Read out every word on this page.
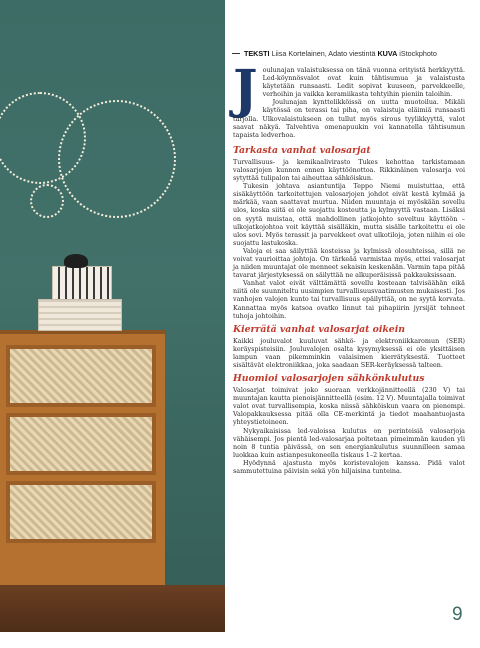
TEKSTI Liisa Kortelainen, Adato viestintä KUVA iStockphoto
J oulunajan valaistuksessa on tänä vuonna erityistä herkkyyttä. Led-köynnösvalot ovat kuin tähtisumua ja valaistusta käytetään runsaasti. Ledit sopivat kuuseen, parvekkeelle, verhoihin ja vaikka keramiikasta tehtyihin pieniin taloihin.

Joulunajan kynttelikköissä on uutta muotoilua. Mikäli käytössä on terassi tai piha, on valaistuja eläimiä runsaasti tarjolla. Ulkovalaistukseen on tullut myös sirous tyylikkyyttä, valot saavat näkyä. Talvehtiva omenapuukin voi kannatella tähtisumun tapaista ledverhoa.

Tarkasta vanhat valosarjat

Turvallisuus- ja kemikaalivirasto Tukes kehottaa tarkistamaan valosarjojen kunnon ennen käyttöönottoa. Rikkinäinen valosarja voi sytyttää tulipalon tai aiheuttaa sähköiskun.

Tukesin johtava asiantuntija Teppo Niemi muistuttaa, että sisäkäyttöön tarkoitettujen valosarjojen johdot eivät kestä kylmää ja märkää, vaan saattavat murtua. Niiden muuntaja ei myöskään sovellu ulos, koska siitä ei ole suojattu kosteutta ja kylmyyttä vastaan. Lisäksi on syytä muistaa, että mahdollinen jatkojohto soveltuu käyttöön – ulkojatkojohtoa voit käyttää sisälläkin, mutta sisälle tarkoitettu ei ole ulos sovi. Myös terassit ja parvekkeet ovat ulkotiloja, joten niihin ei ole suojattu lastukoska.

Valoja ei saa säilyttää kosteissa ja kylmissä olosuhteissa, sillä ne voivat vaurioittaa johtoja. On tärkeää varmistaa myös, ettei valosarjat ja niiden muuntajat ole menneet sekaisin keskenään. Varmin tapa pitää tavarat järjestyksessä on säilyttää ne alkuperäisissä pakkauksissaan.

Vanhat valot eivät välttämättä sovellu kosteaan talvisäähän eikä niitä ole suunniteltu uusimpien turvallisuusvaatimusten mukaisesti. Jos vanhojen valojen kunto tai turvallisuus epäilyttää, on ne syytä korvata. Kannattaa myös katsoa ovatko linnut tai pihapiirin jyrsijät tehneet tuhoja johtoihin.

Kierrätä vanhat valosarjat oikein

Kaikki jouluvalot kuuluvat sähkö- ja elektroniikkaromun (SER) keräyspisteisiin. Jouluvalojen osalta kysymyksessä ei ole yksittäisen lampun vaan pikemminkin valaisimen kierrätyksestä. Tuotteet sisältävät elektroniikkaa, joka saadaan SER-keräyksessä talteen.

Huomioi valosarjojen sähkönkulutus

Valosarjat toimivat joko suoraan verkkojännitteellä (230 V) tai muuntajan kautta pienoisjännitteellä (esim. 12 V). Muuntajalla toimivat valot ovat turvallisempia, koska niissä sähköiskun vaara on pienempi. Valopakkauksessa pitää olla CE-merkintä ja tiedot maahantuojasta yhteystietoineen.

Nykyaikaisissa led-valoissa kulutus on perinteisiä valosarjoja vähäisempi. Jos pientä led-valosarjaa poltetaan pimeimmän kauden yli noin 8 tuntia päivässä, on sen energiankulutus suunnilleen samaa luokkaa kuin astianpesukoneella tiskaus 1–2 kertaa.

Hyödynnä ajastusta myös koristevalojen kanssa. Pidä valot sammutettuina päivisin sekä yön hiljaisina tunteina.

9
